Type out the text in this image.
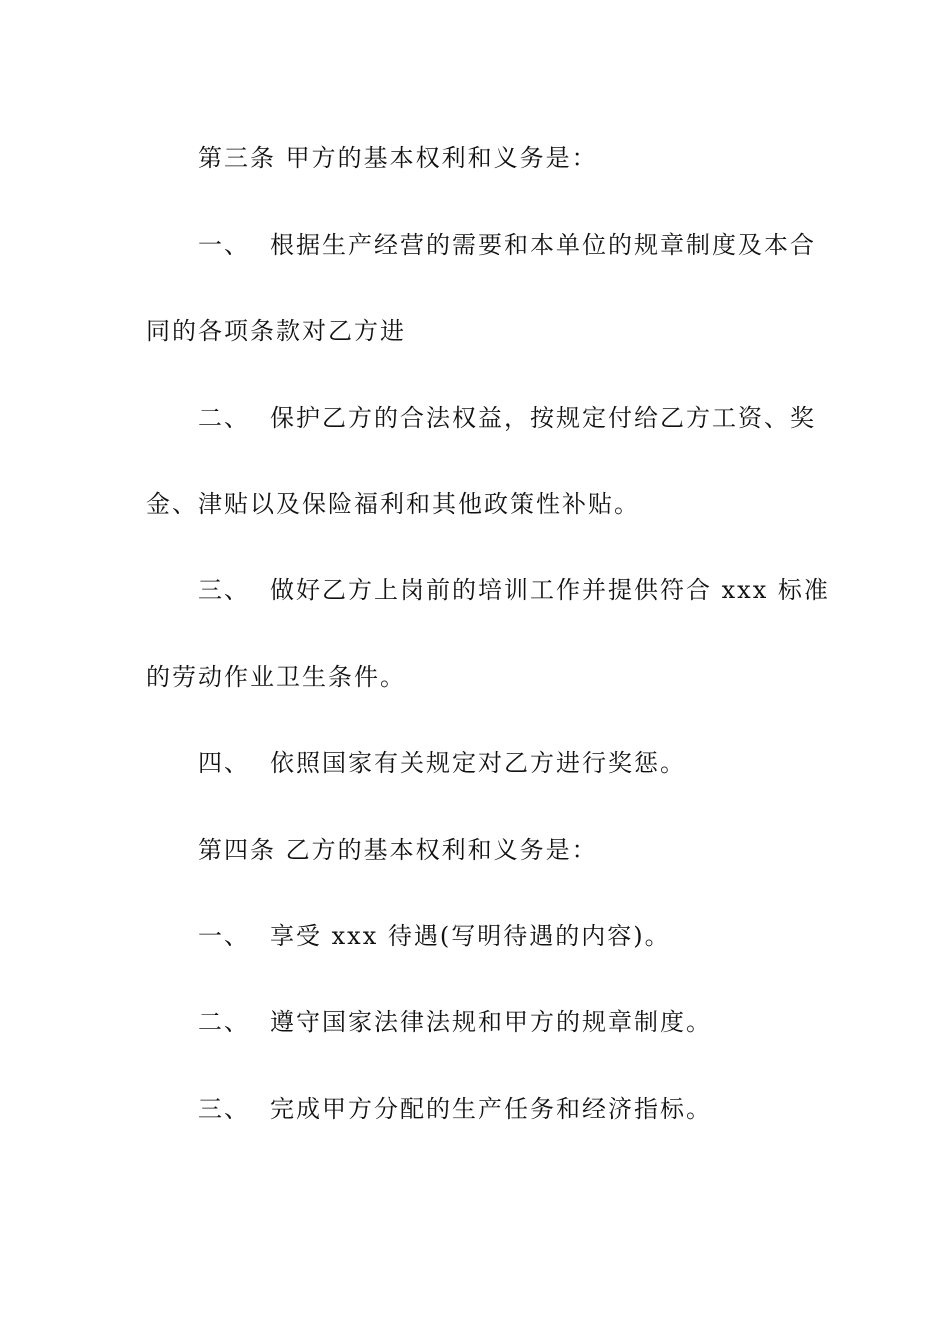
第三条 甲方的基本权利和义务是：
一、 根据生产经营的需要和本单位的规章制度及本合
同的各项条款对乙方进
二、 保护乙方的合法权益，按规定付给乙方工资、奖
金、津贴以及保险福利和其他政策性补贴。
三、 做好乙方上岗前的培训工作并提供符合 xxx 标准
的劳动作业卫生条件。
四、 依照国家有关规定对乙方进行奖惩。
第四条 乙方的基本权利和义务是：
一、 享受 xxx 待遇(写明待遇的内容)。
二、 遵守国家法律法规和甲方的规章制度。
三、 完成甲方分配的生产任务和经济指标。
